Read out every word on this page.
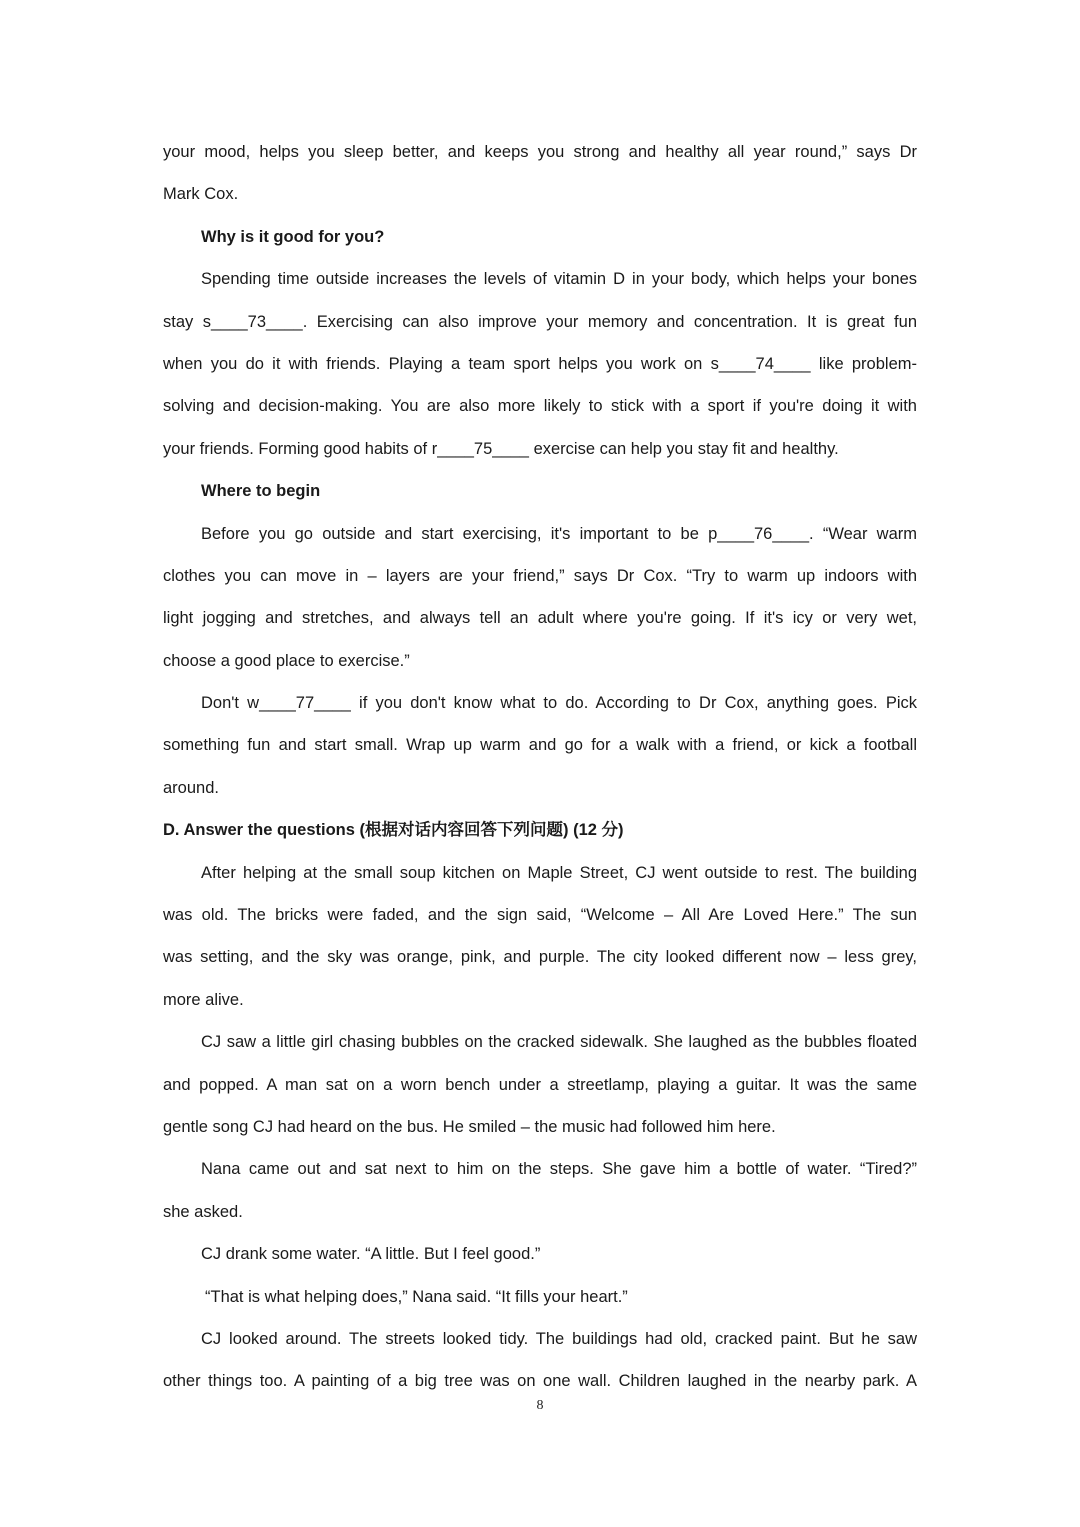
your mood, helps you sleep better, and keeps you strong and healthy all year round,” says Dr
Mark Cox.
Why is it good for you?
Spending time outside increases the levels of vitamin D in your body, which helps your bones
stay s____73____. Exercising can also improve your memory and concentration. It is great fun
when you do it with friends. Playing a team sport helps you work on s____74____ like problem-
solving and decision-making. You are also more likely to stick with a sport if you're doing it with
your friends. Forming good habits of r____75____ exercise can help you stay fit and healthy.
Where to begin
Before you go outside and start exercising, it's important to be p____76____. “Wear warm
clothes you can move in – layers are your friend,” says Dr Cox. “Try to warm up indoors with
light jogging and stretches, and always tell an adult where you're going. If it's icy or very wet,
choose a good place to exercise.”
Don't w____77____ if you don't know what to do. According to Dr Cox, anything goes. Pick
something fun and start small. Wrap up warm and go for a walk with a friend, or kick a football
around.
D. Answer the questions (根据对话内容回答下列问题) (12 分)
After helping at the small soup kitchen on Maple Street, CJ went outside to rest. The building
was old. The bricks were faded, and the sign said, “Welcome – All Are Loved Here.” The sun
was setting, and the sky was orange, pink, and purple. The city looked different now – less grey,
more alive.
CJ saw a little girl chasing bubbles on the cracked sidewalk. She laughed as the bubbles floated
and popped. A man sat on a worn bench under a streetlamp, playing a guitar. It was the same
gentle song CJ had heard on the bus. He smiled – the music had followed him here.
Nana came out and sat next to him on the steps. She gave him a bottle of water. “Tired?”
she asked.
CJ drank some water. “A little. But I feel good.”
“That is what helping does,” Nana said. “It fills your heart.”
CJ looked around. The streets looked tidy. The buildings had old, cracked paint. But he saw
other things too. A painting of a big tree was on one wall. Children laughed in the nearby park. A
8
